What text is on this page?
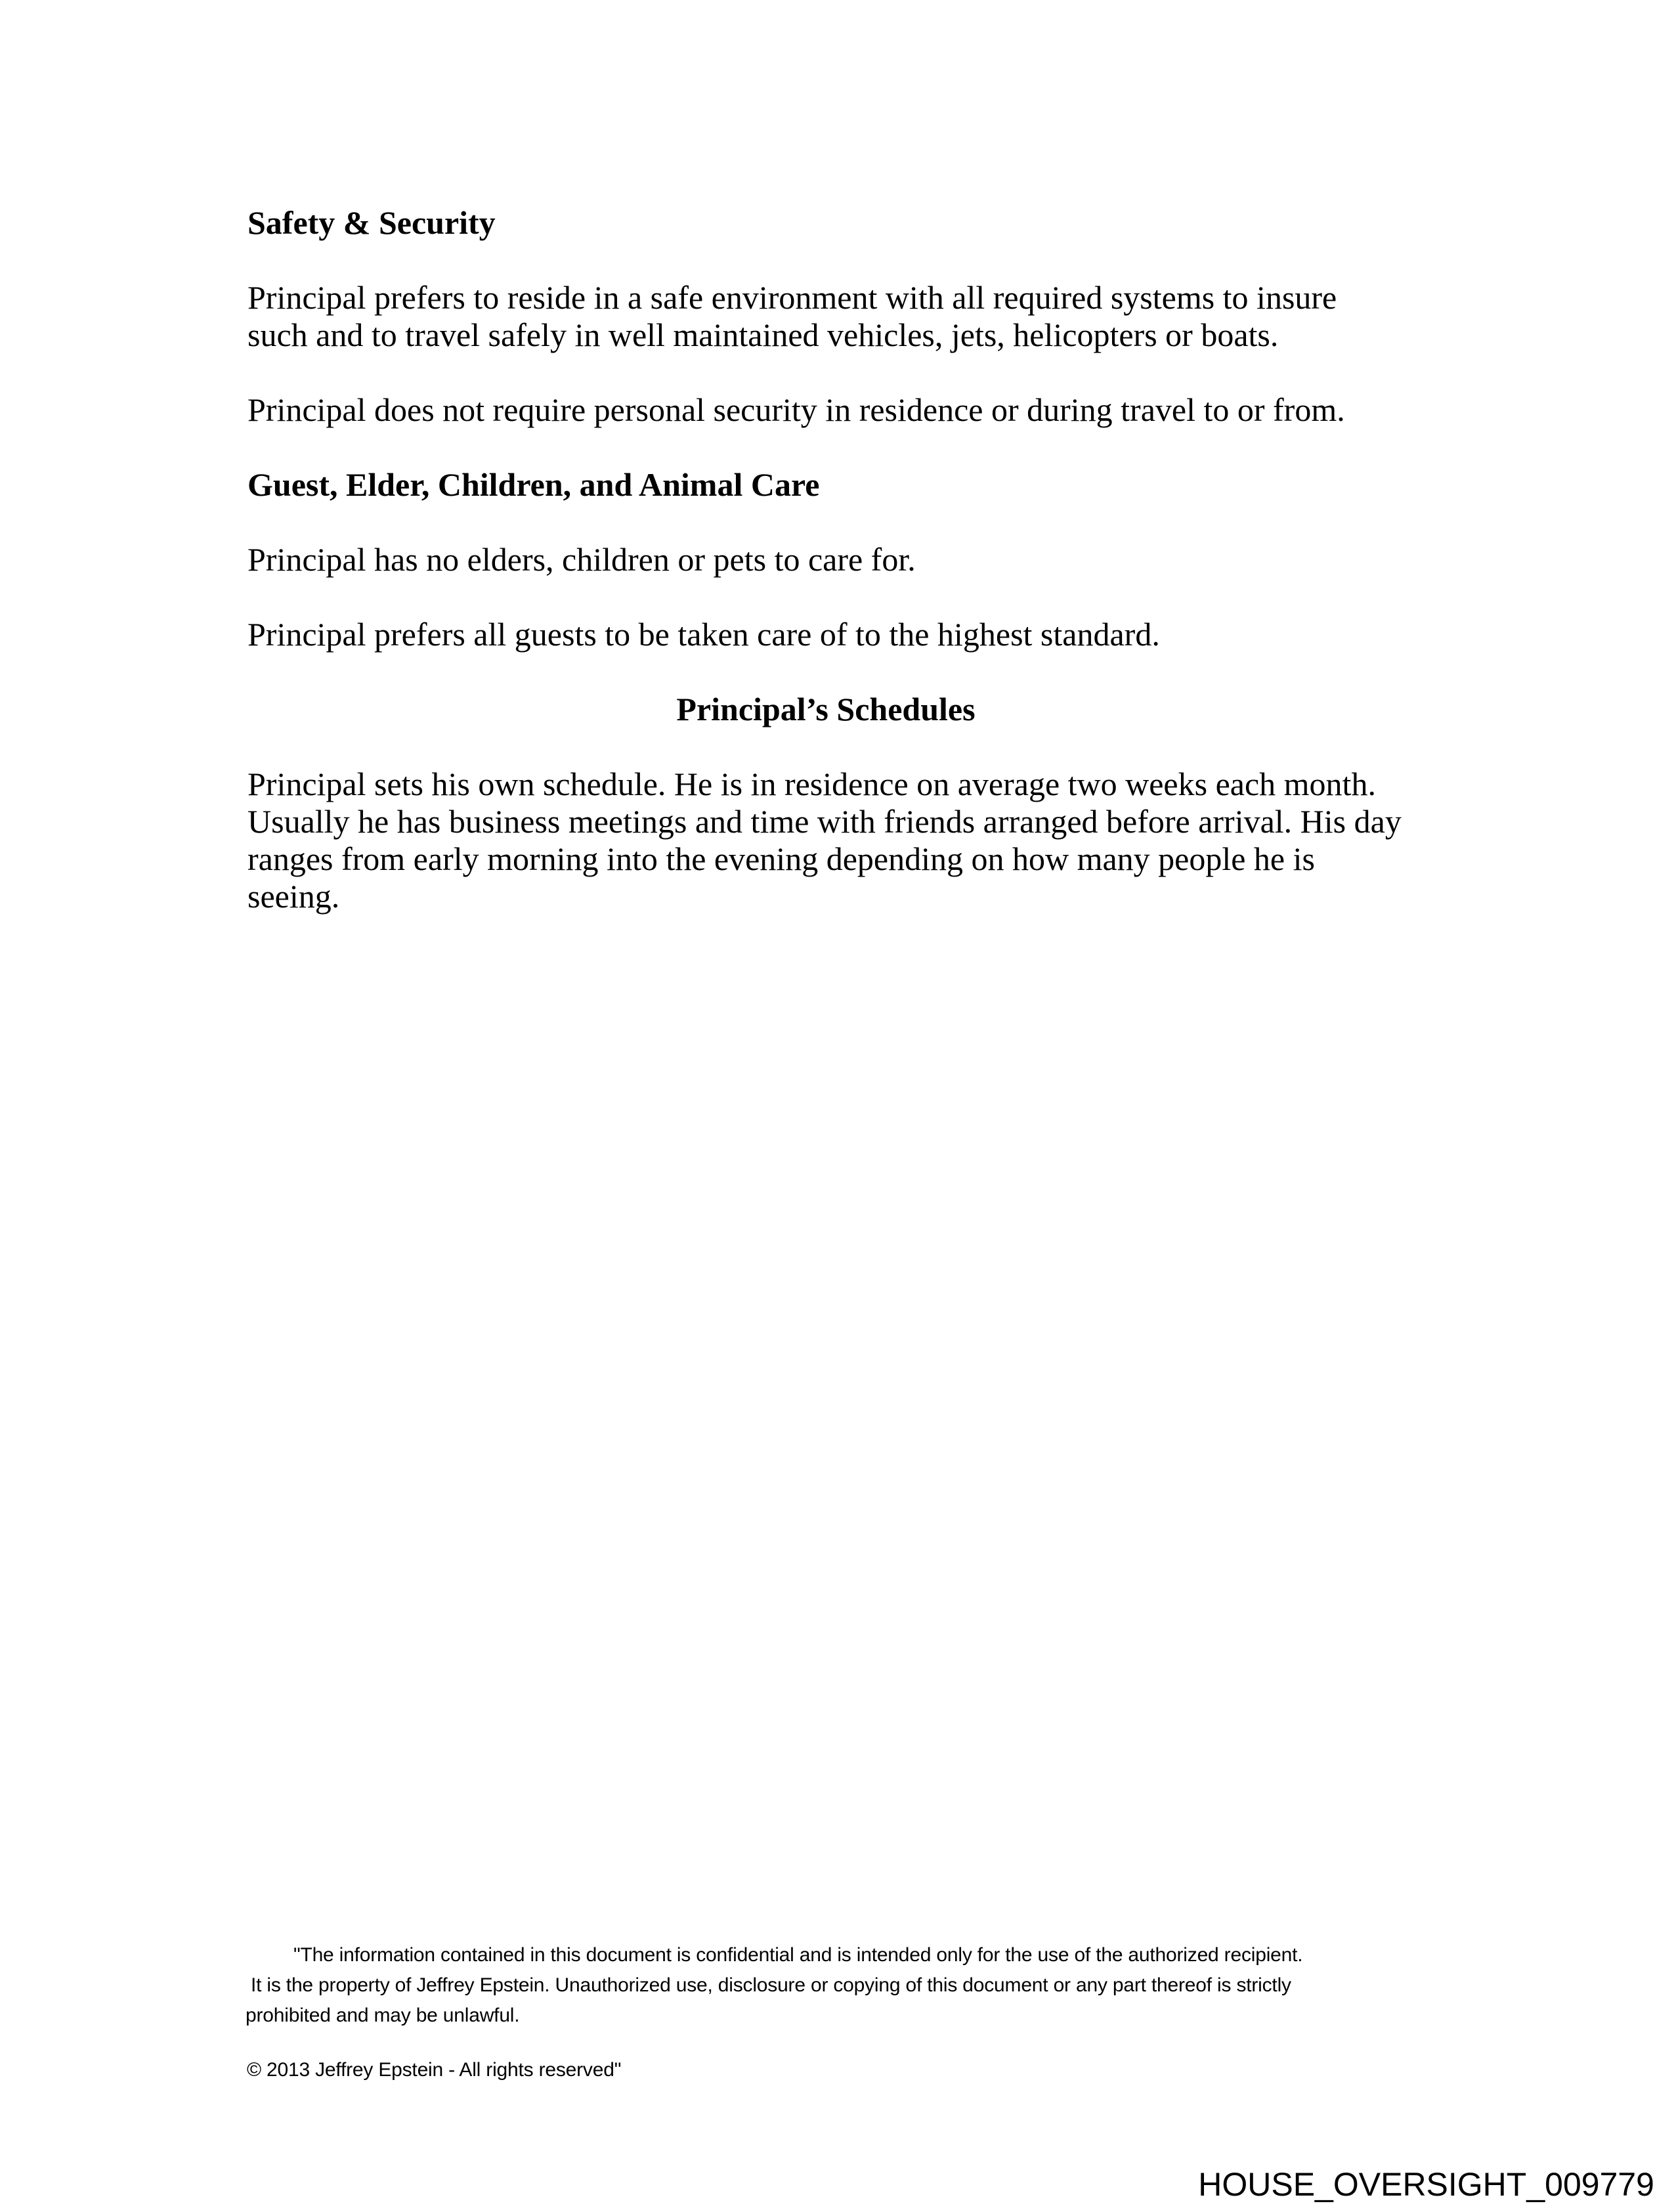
Safety & Security

Principal prefers to reside in a safe environment with all required systems to insure such and to travel safely in well maintained vehicles, jets, helicopters or boats.

Principal does not require personal security in residence or during travel to or from.

Guest, Elder, Children, and Animal Care

Principal has no elders, children or pets to care for.

Principal prefers all guests to be taken care of to the highest standard.

Principal’s Schedules

Principal sets his own schedule. He is in residence on average two weeks each month. Usually he has business meetings and time with friends arranged before arrival. His day ranges from early morning into the evening depending on how many people he is seeing.

"The information contained in this document is confidential and is intended only for the use of the authorized recipient.
It is the property of Jeffrey Epstein. Unauthorized use, disclosure or copying of this document or any part thereof is strictly
prohibited and may be unlawful.
© 2013 Jeffrey Epstein - All rights reserved"
HOUSE_OVERSIGHT_009779
